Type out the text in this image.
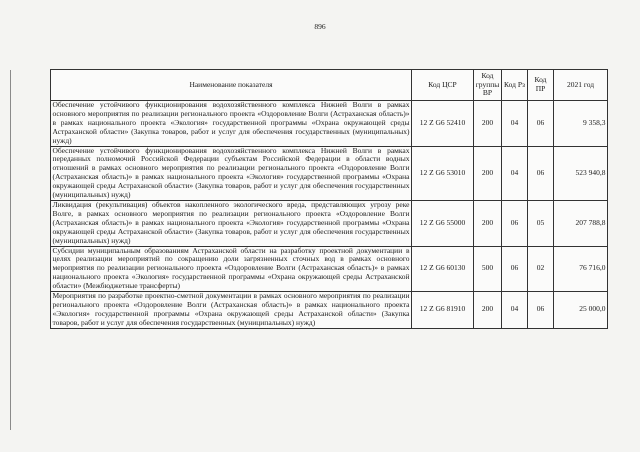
896
Наименование показателя	Код ЦСР	Код группы ВР	Код Рз	Код ПР	2021 год
Обеспечение устойчивого функционирования водохозяйственного комплекса Нижней Волги в рамках основного мероприятия по реализации регионального проекта «Оздоровление Волги (Астраханская область)» в рамках национального проекта «Экология» государственной программы «Охрана окружающей среды Астраханской области» (Закупка товаров, работ и услуг для обеспечения государственных (муниципальных) нужд)	12 Z G6 52410	200	04	06	9 358,3
Обеспечение устойчивого функционирования водохозяйственного комплекса Нижней Волги в рамках переданных полномочий Российской Федерации субъектам Российской Федерации в области водных отношений в рамках основного мероприятия по реализации регионального проекта «Оздоровление Волги (Астраханская область)» в рамках национального проекта «Экология» государственной программы «Охрана окружающей среды Астраханской области» (Закупка товаров, работ и услуг для обеспечения государственных (муниципальных) нужд)	12 Z G6 53010	200	04	06	523 940,8
Ликвидация (рекультивация) объектов накопленного экологического вреда, представляющих угрозу реке Волге, в рамках основного мероприятия по реализации регионального проекта «Оздоровление Волги (Астраханская область)» в рамках национального проекта «Экология» государственной программы «Охрана окружающей среды Астраханской области» (Закупка товаров, работ и услуг для обеспечения государственных (муниципальных) нужд)	12 Z G6 55000	200	06	05	207 788,8
Субсидии муниципальным образованиям Астраханской области на разработку проектной документации в целях реализации мероприятий по сокращению доли загрязненных сточных вод в рамках основного мероприятия по реализации регионального проекта «Оздоровление Волги (Астраханская область)» в рамках национального проекта «Экология» государственной программы «Охрана окружающей среды Астраханской области» (Межбюджетные трансферты)	12 Z G6 60130	500	06	02	76 716,0
Мероприятия по разработке проектно-сметной документации в рамках основного мероприятия по реализации регионального проекта «Оздоровление Волги (Астраханская область)» в рамках национального проекта «Экология» государственной программы «Охрана окружающей среды Астраханской области» (Закупка товаров, работ и услуг для обеспечения государственных (муниципальных) нужд)	12 Z G6 81910	200	04	06	25 000,0
